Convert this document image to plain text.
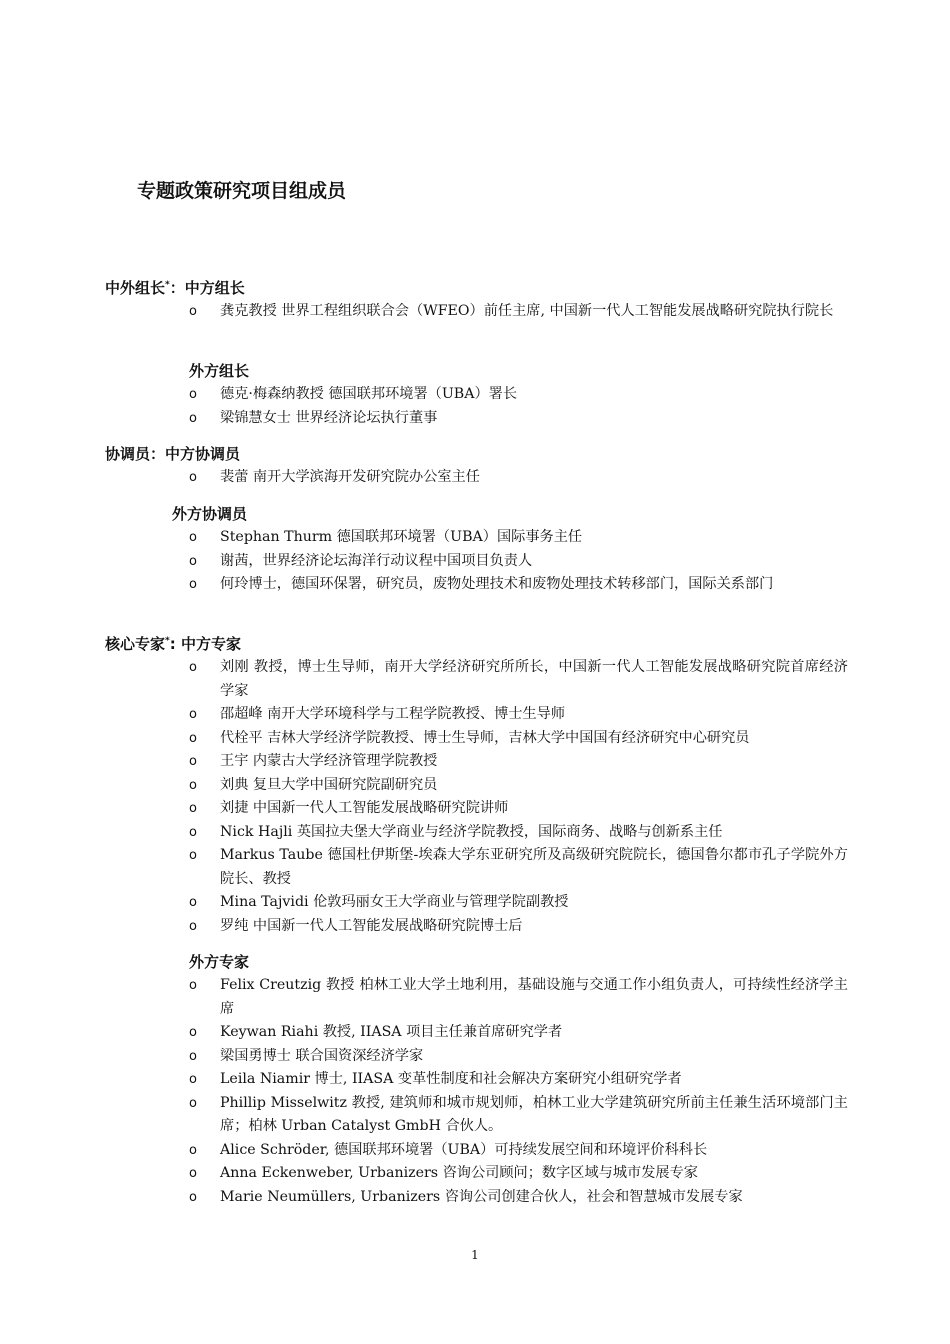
专题政策研究项目组成员
中外组长*：中方组长
o 龚克教授 世界工程组织联合会（WFEO）前任主席, 中国新一代人工智能发展战略研究院执行院长
外方组长
o 德克·梅森纳教授 德国联邦环境署（UBA）署长
o 梁锦慧女士 世界经济论坛执行董事
协调员：中方协调员
o 裴蕾 南开大学滨海开发研究院办公室主任
外方协调员
o Stephan Thurm 德国联邦环境署（UBA）国际事务主任
o 谢茜，世界经济论坛海洋行动议程中国项目负责人
o 何玲博士，德国环保署，研究员，废物处理技术和废物处理技术转移部门，国际关系部门
核心专家*: 中方专家
o 刘刚 教授，博士生导师，南开大学经济研究所所长，中国新一代人工智能发展战略研究院首席经济学家
o 邵超峰 南开大学环境科学与工程学院教授、博士生导师
o 代栓平 吉林大学经济学院教授、博士生导师，吉林大学中国国有经济研究中心研究员
o 王宇 内蒙古大学经济管理学院教授
o 刘典 复旦大学中国研究院副研究员
o 刘捷 中国新一代人工智能发展战略研究院讲师
o Nick Hajli 英国拉夫堡大学商业与经济学院教授，国际商务、战略与创新系主任
o Markus Taube 德国杜伊斯堡-埃森大学东亚研究所及高级研究院院长，德国鲁尔都市孔子学院外方院长、教授
o Mina Tajvidi 伦敦玛丽女王大学商业与管理学院副教授
o 罗纯 中国新一代人工智能发展战略研究院博士后
外方专家
o Felix Creutzig 教授 柏林工业大学土地利用，基础设施与交通工作小组负责人，可持续性经济学主席
o Keywan Riahi 教授, IIASA 项目主任兼首席研究学者
o 梁国勇博士 联合国资深经济学家
o Leila Niamir 博士, IIASA 变革性制度和社会解决方案研究小组研究学者
o Phillip Misselwitz 教授, 建筑师和城市规划师，柏林工业大学建筑研究所前主任兼生活环境部门主席；柏林 Urban Catalyst GmbH 合伙人。
o Alice Schröder, 德国联邦环境署（UBA）可持续发展空间和环境评价科科长
o Anna Eckenweber, Urbanizers 咨询公司顾问；数字区域与城市发展专家
o Marie Neumüllers, Urbanizers 咨询公司创建合伙人，社会和智慧城市发展专家
1
